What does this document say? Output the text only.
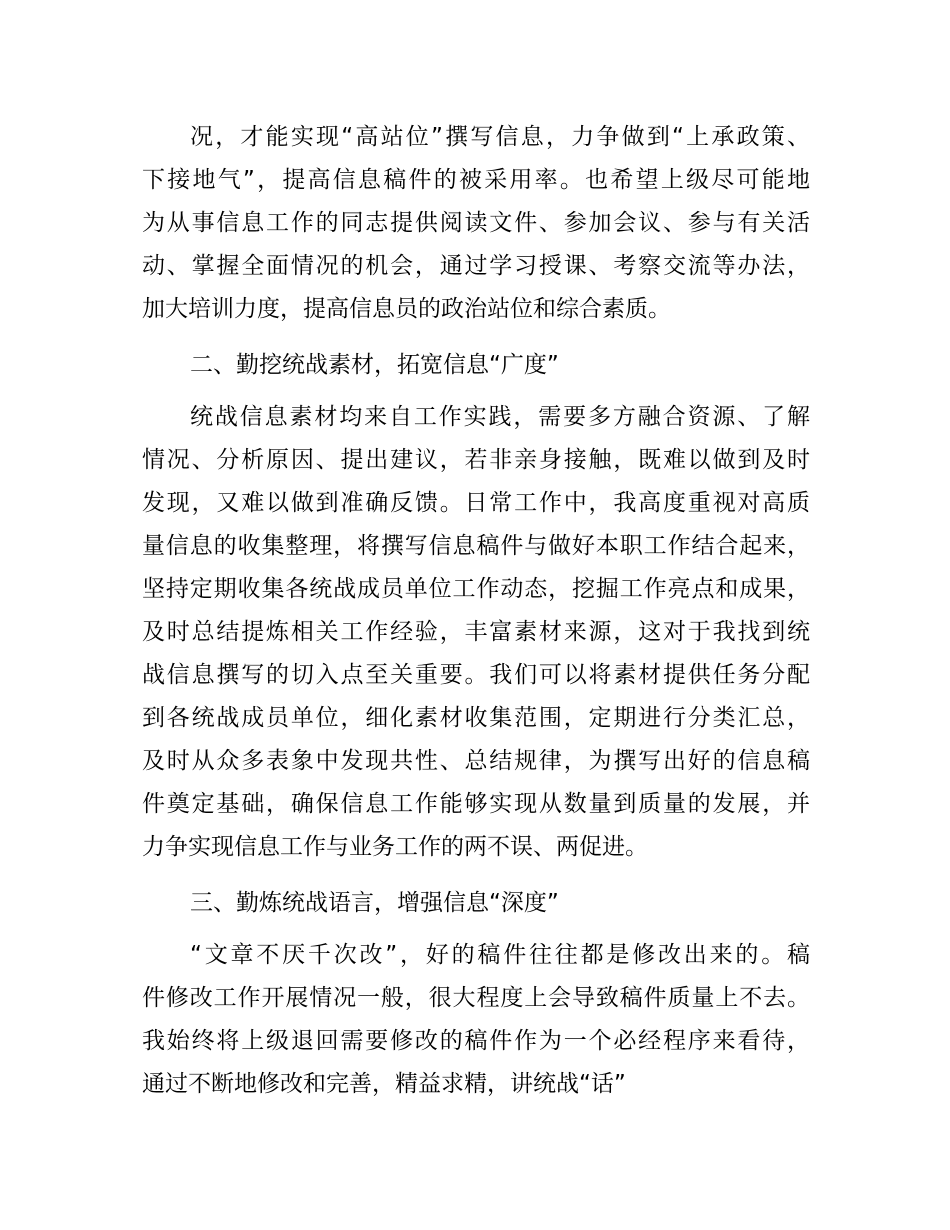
况，才能实现“高站位”撰写信息，力争做到“上承政策、
下接地气”，提高信息稿件的被采用率。也希望上级尽可能地
为从事信息工作的同志提供阅读文件、参加会议、参与有关活
动、掌握全面情况的机会，通过学习授课、考察交流等办法，
加大培训力度，提高信息员的政治站位和综合素质。
二、勤挖统战素材，拓宽信息“广度”
统战信息素材均来自工作实践，需要多方融合资源、了解
情况、分析原因、提出建议，若非亲身接触，既难以做到及时
发现，又难以做到准确反馈。日常工作中，我高度重视对高质
量信息的收集整理，将撰写信息稿件与做好本职工作结合起来，
坚持定期收集各统战成员单位工作动态，挖掘工作亮点和成果，
及时总结提炼相关工作经验，丰富素材来源，这对于我找到统
战信息撰写的切入点至关重要。我们可以将素材提供任务分配
到各统战成员单位，细化素材收集范围，定期进行分类汇总，
及时从众多表象中发现共性、总结规律，为撰写出好的信息稿
件奠定基础，确保信息工作能够实现从数量到质量的发展，并
力争实现信息工作与业务工作的两不误、两促进。
三、勤炼统战语言，增强信息“深度”
“文章不厌千次改”，好的稿件往往都是修改出来的。稿
件修改工作开展情况一般，很大程度上会导致稿件质量上不去。
我始终将上级退回需要修改的稿件作为一个必经程序来看待，
通过不断地修改和完善，精益求精，讲统战“话”
